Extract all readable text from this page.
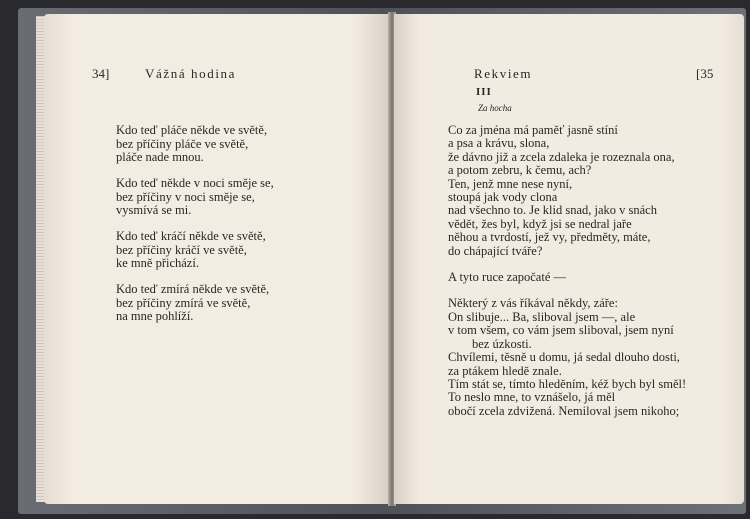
34]	Vážná hodina
Kdo teď pláče někde ve světě,
bez příčiny pláče ve světě,
pláče nade mnou.
Kdo teď někde v noci směje se,
bez příčiny v noci směje se,
vysmívá se mi.
Kdo teď kráčí někde ve světě,
bez příčiny kráčí ve světě,
ke mně přichází.
Kdo teď zmírá někde ve světě,
bez příčiny zmírá ve světě,
na mne pohlíží.
Rekviem	[35
III
Za hocha
Co za jména má paměť jasně stíní
a psa a krávu, slona,
že dávno již a zcela zdaleka je rozeznala ona,
a potom zebru, k čemu, ach?
Ten, jenž mne nese nyní,
stoupá jak vody clona
nad všechno to. Je klid snad, jako v snách
vědět, žes byl, když jsi se nedral jaře
něhou a tvrdostí, jež vy, předměty, máte,
do chápající tváře?
A tyto ruce započaté —
Některý z vás říkával někdy, záře:
On slibuje... Ba, sliboval jsem —, ale
v tom všem, co vám jsem sliboval, jsem nyní
bez úzkosti.
Chvílemi, těsně u domu, já sedal dlouho dosti,
za ptákem hledě znale.
Tím stát se, tímto hleděním, kéž bych byl směl!
To neslo mne, to vznášelo, já měl
obočí zcela zdvižená. Nemiloval jsem nikoho;
